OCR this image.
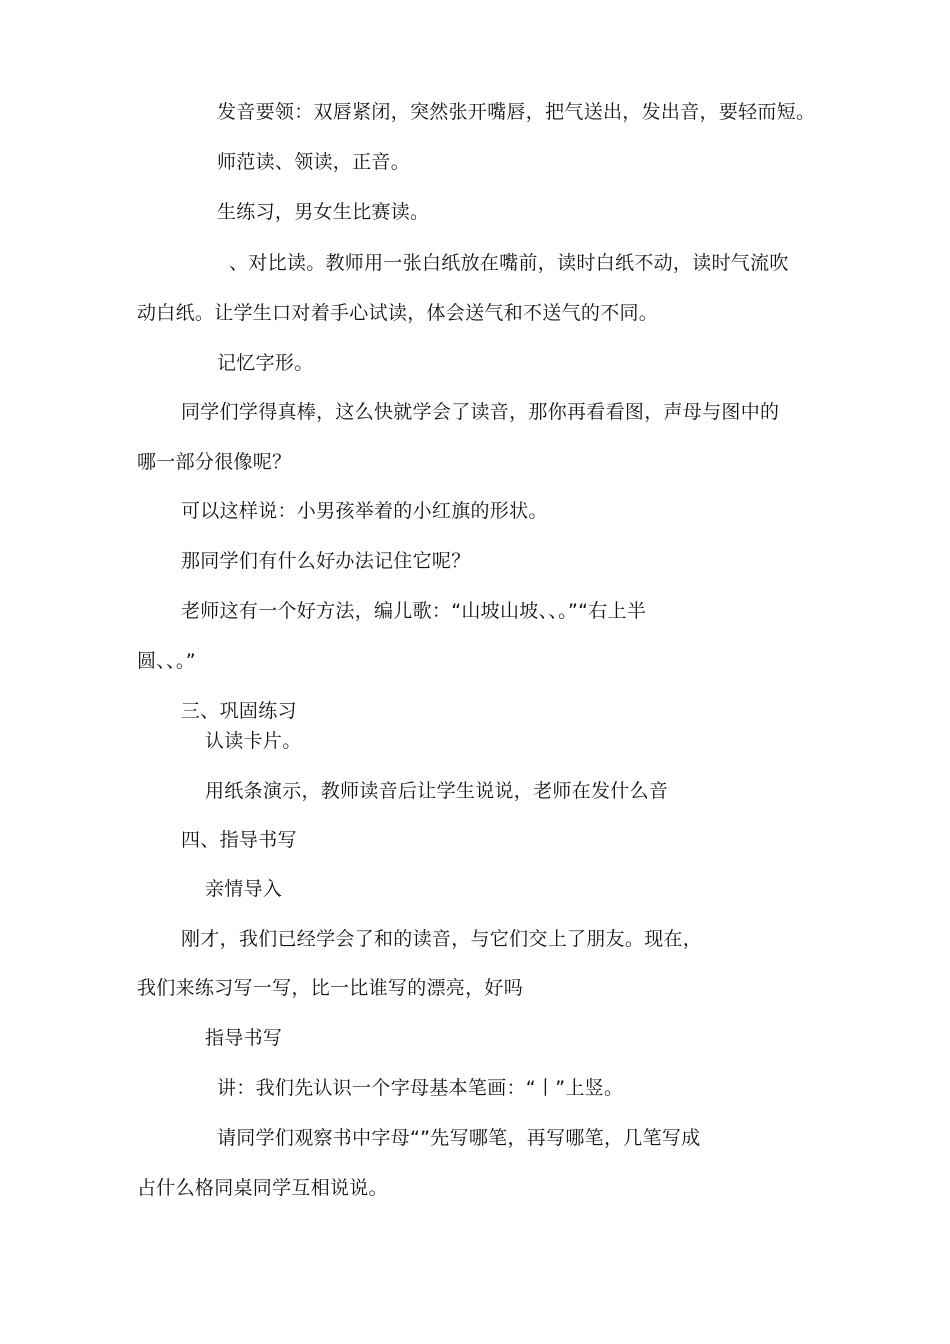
发音要领：双唇紧闭，突然张开嘴唇，把气送出，发出音，要轻而短。
师范读、领读，正音。
生练习，男女生比赛读。
、对比读。教师用一张白纸放在嘴前，读时白纸不动，读时气流吹
动白纸。让学生口对着手心试读，体会送气和不送气的不同。
记忆字形。
同学们学得真棒，这么快就学会了读音，那你再看看图，声母与图中的
哪一部分很像呢？
可以这样说：小男孩举着的小红旗的形状。
那同学们有什么好办法记住它呢？
老师这有一个好方法，编儿歌：“山坡山坡、、。”“右上半
圆、、。”
三、巩固练习
认读卡片。
用纸条演示，教师读音后让学生说说，老师在发什么音
四、指导书写
亲情导入
刚才，我们已经学会了和的读音，与它们交上了朋友。现在，
我们来练习写一写，比一比谁写的漂亮，好吗
指导书写
讲：我们先认识一个字母基本笔画：“丨”上竖。
请同学们观察书中字母“”先写哪笔，再写哪笔，几笔写成
占什么格同桌同学互相说说。
